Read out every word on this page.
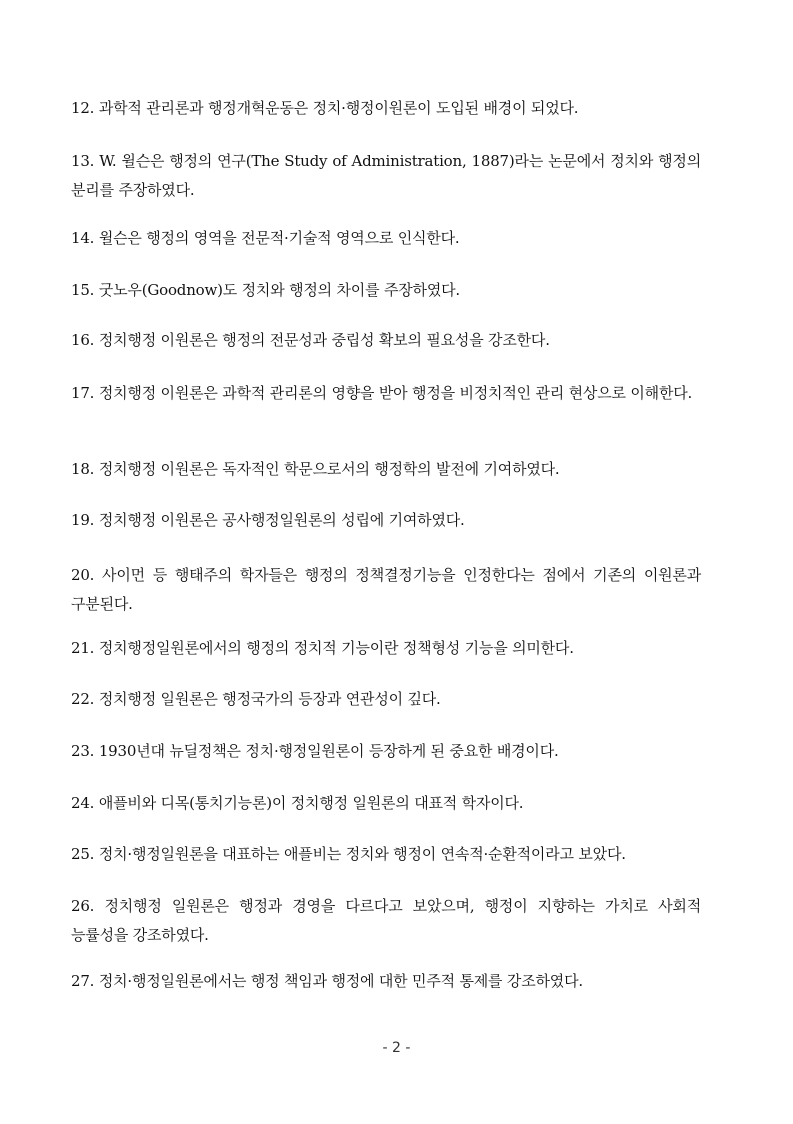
12. 과학적 관리론과 행정개혁운동은 정치·행정이원론이 도입된 배경이 되었다.

13. W. 윌슨은 행정의 연구(The Study of Administration, 1887)라는 논문에서 정치와 행정의 분리를 주장하였다.

14. 윌슨은 행정의 영역을 전문적·기술적 영역으로 인식한다.

15. 굿노우(Goodnow)도 정치와 행정의 차이를 주장하였다.

16. 정치행정 이원론은 행정의 전문성과 중립성 확보의 필요성을 강조한다.

17. 정치행정 이원론은 과학적 관리론의 영향을 받아 행정을 비정치적인 관리 현상으로 이해한다.

18. 정치행정 이원론은 독자적인 학문으로서의 행정학의 발전에 기여하였다.

19. 정치행정 이원론은 공사행정일원론의 성립에 기여하였다.

20. 사이먼 등 행태주의 학자들은 행정의 정책결정기능을 인정한다는 점에서 기존의 이원론과 구분된다.

21. 정치행정일원론에서의 행정의 정치적 기능이란 정책형성 기능을 의미한다.

22. 정치행정 일원론은 행정국가의 등장과 연관성이 깊다.

23. 1930년대 뉴딜정책은 정치·행정일원론이 등장하게 된 중요한 배경이다.

24. 애플비와 디목(통치기능론)이 정치행정 일원론의 대표적 학자이다.

25. 정치·행정일원론을 대표하는 애플비는 정치와 행정이 연속적·순환적이라고 보았다.

26. 정치행정 일원론은 행정과 경영을 다르다고 보았으며, 행정이 지향하는 가치로 사회적 능률성을 강조하였다.

27. 정치·행정일원론에서는 행정 책임과 행정에 대한 민주적 통제를 강조하였다.

- 2 -
